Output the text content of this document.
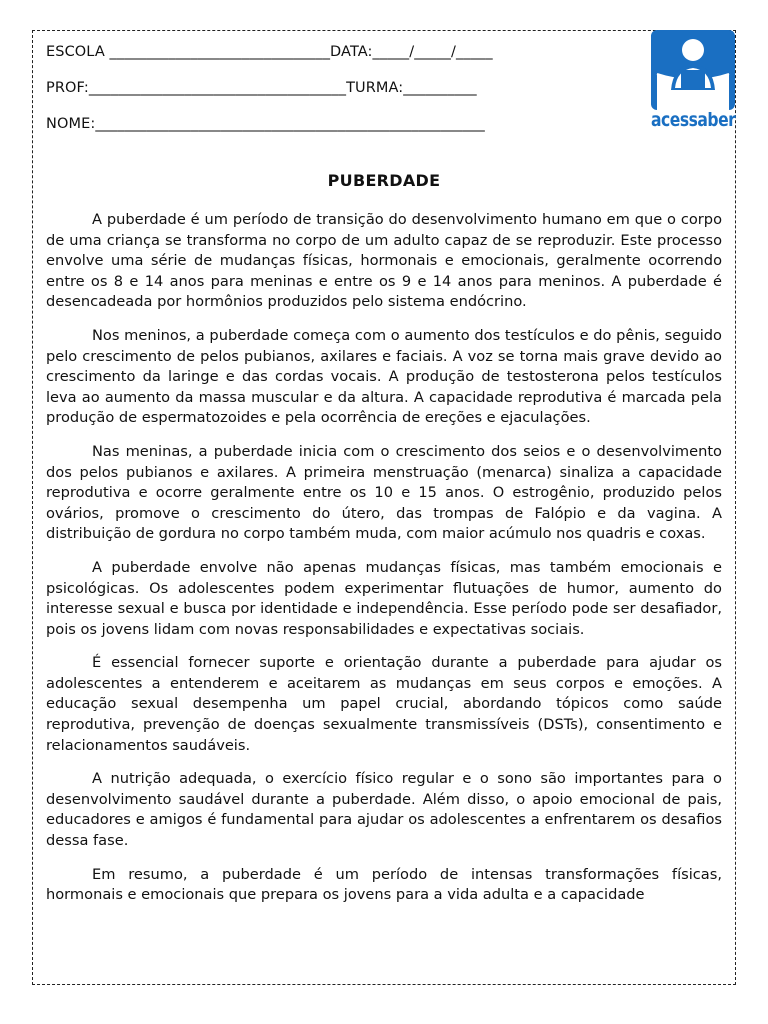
ESCOLA ______________________________DATA:_____/_____/_____
PROF:___________________________________TURMA:__________
NOME:_____________________________________________________	acessaber
PUBERDADE

A puberdade é um período de transição do desenvolvimento humano em que o corpo de uma criança se transforma no corpo de um adulto capaz de se reproduzir. Este processo envolve uma série de mudanças físicas, hormonais e emocionais, geralmente ocorrendo entre os 8 e 14 anos para meninas e entre os 9 e 14 anos para meninos. A puberdade é desencadeada por hormônios produzidos pelo sistema endócrino.

Nos meninos, a puberdade começa com o aumento dos testículos e do pênis, seguido pelo crescimento de pelos pubianos, axilares e faciais. A voz se torna mais grave devido ao crescimento da laringe e das cordas vocais. A produção de testosterona pelos testículos leva ao aumento da massa muscular e da altura. A capacidade reprodutiva é marcada pela produção de espermatozoides e pela ocorrência de ereções e ejaculações.

Nas meninas, a puberdade inicia com o crescimento dos seios e o desenvolvimento dos pelos pubianos e axilares. A primeira menstruação (menarca) sinaliza a capacidade reprodutiva e ocorre geralmente entre os 10 e 15 anos. O estrogênio, produzido pelos ovários, promove o crescimento do útero, das trompas de Falópio e da vagina. A distribuição de gordura no corpo também muda, com maior acúmulo nos quadris e coxas.

A puberdade envolve não apenas mudanças físicas, mas também emocionais e psicológicas. Os adolescentes podem experimentar flutuações de humor, aumento do interesse sexual e busca por identidade e independência. Esse período pode ser desafiador, pois os jovens lidam com novas responsabilidades e expectativas sociais.

É essencial fornecer suporte e orientação durante a puberdade para ajudar os adolescentes a entenderem e aceitarem as mudanças em seus corpos e emoções. A educação sexual desempenha um papel crucial, abordando tópicos como saúde reprodutiva, prevenção de doenças sexualmente transmissíveis (DSTs), consentimento e relacionamentos saudáveis.

A nutrição adequada, o exercício físico regular e o sono são importantes para o desenvolvimento saudável durante a puberdade. Além disso, o apoio emocional de pais, educadores e amigos é fundamental para ajudar os adolescentes a enfrentarem os desafios dessa fase.

Em resumo, a puberdade é um período de intensas transformações físicas, hormonais e emocionais que prepara os jovens para a vida adulta e a capacidade
